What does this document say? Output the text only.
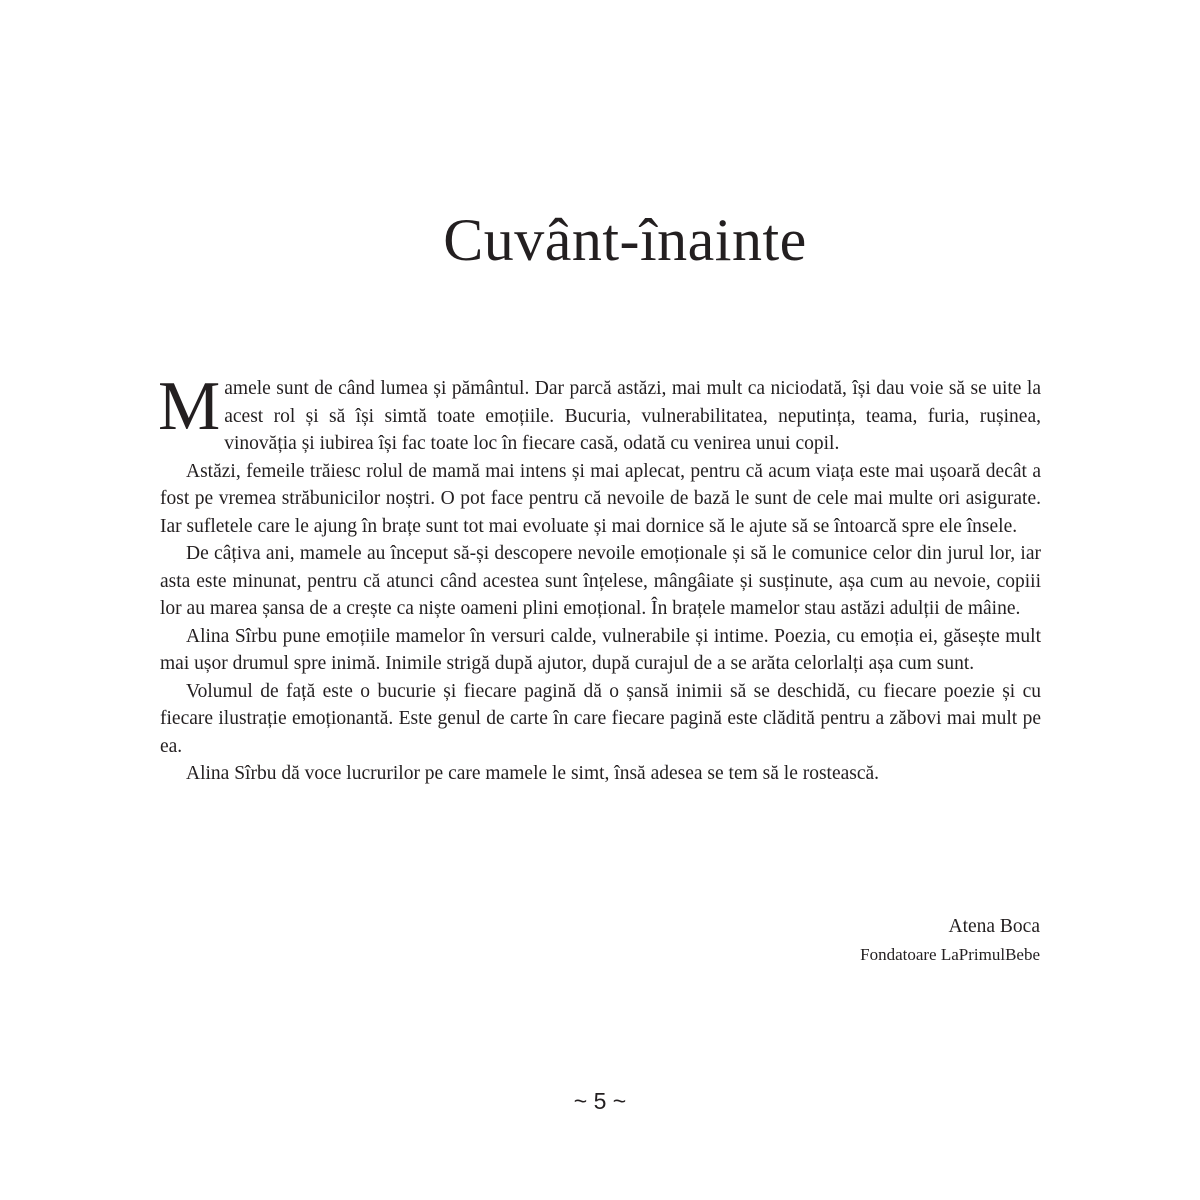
Cuvânt-înainte

Mamele sunt de când lumea și pământul. Dar parcă astăzi, mai mult ca niciodată, își dau voie să se uite la acest rol și să își simtă toate emoțiile. Bucuria, vulnerabilitatea, neputința, teama, furia, rușinea, vinovăția și iubirea își fac toate loc în fiecare casă, odată cu venirea unui copil.

Astăzi, femeile trăiesc rolul de mamă mai intens și mai aplecat, pentru că acum viața este mai ușoară decât a fost pe vremea străbunicilor noștri. O pot face pentru că nevoile de bază le sunt de cele mai multe ori asigurate. Iar sufletele care le ajung în brațe sunt tot mai evoluate și mai dornice să le ajute să se întoarcă spre ele însele.

De câțiva ani, mamele au început să-și descopere nevoile emoționale și să le comunice celor din jurul lor, iar asta este minunat, pentru că atunci când acestea sunt înțelese, mângâiate și susținute, așa cum au nevoie, copiii lor au marea șansa de a crește ca niște oameni plini emoțional. În brațele mamelor stau astăzi adulții de mâine.

Alina Sîrbu pune emoțiile mamelor în versuri calde, vulnerabile și intime. Poezia, cu emoția ei, găsește mult mai ușor drumul spre inimă. Inimile strigă după ajutor, după curajul de a se arăta celorlalți așa cum sunt.

Volumul de față este o bucurie și fiecare pagină dă o șansă inimii să se deschidă, cu fiecare poezie și cu fiecare ilustrație emoționantă. Este genul de carte în care fiecare pagină este clădită pentru a zăbovi mai mult pe ea.

Alina Sîrbu dă voce lucrurilor pe care mamele le simt, însă adesea se tem să le rostească.

Atena Boca
Fondatoare LaPrimulBebe
~ 5 ~
